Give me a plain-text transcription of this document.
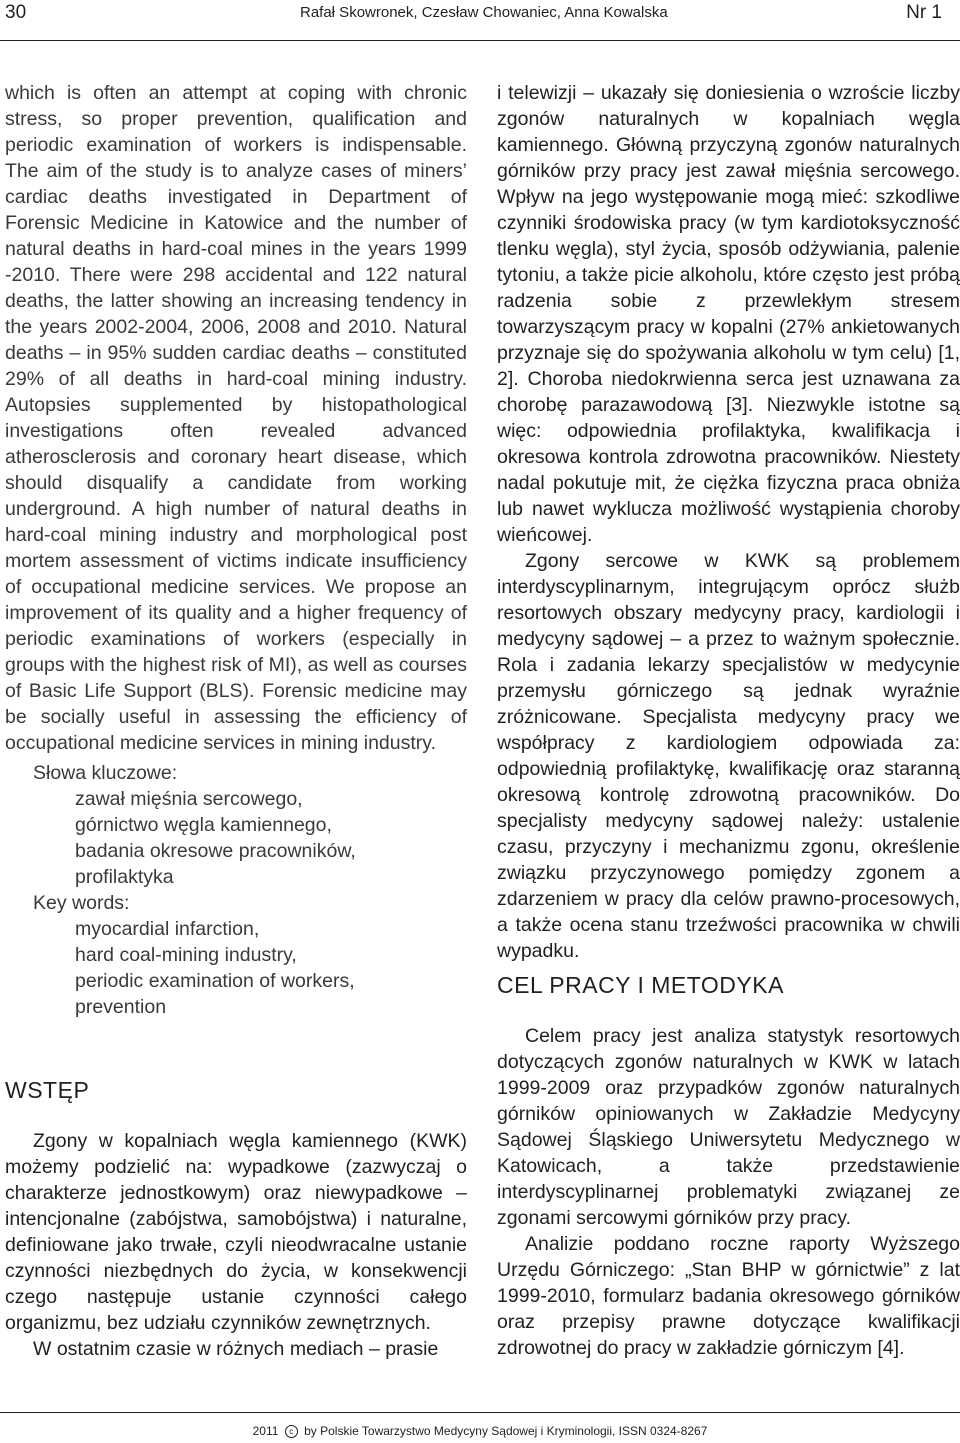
30	Rafał Skowronek, Czesław Chowaniec, Anna Kowalska	Nr 1

which is often an attempt at coping with chronic stress, so proper prevention, qualification and periodic examination of workers is indispensable. The aim of the study is to analyze cases of miners’ cardiac deaths investigated in Department of Forensic Medicine in Katowice and the number of natural deaths in hard-coal mines in the years 1999 -2010. There were 298 accidental and 122 natural deaths, the latter showing an increasing tendency in the years 2002-2004, 2006, 2008 and 2010. Natural deaths – in 95% sudden cardiac deaths – constituted 29% of all deaths in hard-coal mining industry. Autopsies supplemented by histopathological investigations often revealed advanced atherosclerosis and coronary heart disease, which should disqualify a candidate from working underground. A high number of natural deaths in hard-coal mining industry and morphological post mortem assessment of victims indicate insufficiency of occupational medicine services. We propose an improvement of its quality and a higher frequency of periodic examinations of workers (especially in groups with the highest risk of MI), as well as courses of Basic Life Support (BLS). Forensic medicine may be socially useful in assessing the efficiency of occupational medicine services in mining industry.

Słowa kluczowe:

zawał mięśnia sercowego,

górnictwo węgla kamiennego,

badania okresowe pracowników,

profilaktyka

Key words:

myocardial infarction,

hard coal-mining industry,

periodic examination of workers,

prevention

WSTĘP

Zgony w kopalniach węgla kamiennego (KWK) możemy podzielić na: wypadkowe (zazwyczaj o charakterze jednostkowym) oraz niewypadkowe – intencjonalne (zabójstwa, samobójstwa) i naturalne, definiowane jako trwałe, czyli nieodwracalne ustanie czynności niezbędnych do życia, w konsekwencji czego następuje ustanie czynności całego organizmu, bez udziału czynników zewnętrznych.

W ostatnim czasie w różnych mediach – prasie

i telewizji – ukazały się doniesienia o wzroście liczby zgonów naturalnych w kopalniach węgla kamiennego. Główną przyczyną zgonów naturalnych górników przy pracy jest zawał mięśnia sercowego. Wpływ na jego występowanie mogą mieć: szkodliwe czynniki środowiska pracy (w tym kardiotoksyczność tlenku węgla), styl życia, sposób odżywiania, palenie tytoniu, a także picie alkoholu, które często jest próbą radzenia sobie z przewlekłym stresem towarzyszącym pracy w kopalni (27% ankietowanych przyznaje się do spożywania alkoholu w tym celu) [1, 2]. Choroba niedokrwienna serca jest uznawana za chorobę parazawodową [3]. Niezwykle istotne są więc: odpowiednia profilaktyka, kwalifikacja i okresowa kontrola zdrowotna pracowników. Niestety nadal pokutuje mit, że ciężka fizyczna praca obniża lub nawet wyklucza możliwość wystąpienia choroby wieńcowej.

Zgony sercowe w KWK są problemem interdyscyplinarnym, integrującym oprócz służb resortowych obszary medycyny pracy, kardiologii i medycyny sądowej – a przez to ważnym społecznie. Rola i zadania lekarzy specjalistów w medycynie przemysłu górniczego są jednak wyraźnie zróżnicowane. Specjalista medycyny pracy we współpracy z kardiologiem odpowiada za: odpowiednią profilaktykę, kwalifikację oraz staranną okresową kontrolę zdrowotną pracowników. Do specjalisty medycyny sądowej należy: ustalenie czasu, przyczyny i mechanizmu zgonu, określenie związku przyczynowego pomiędzy zgonem a zdarzeniem w pracy dla celów prawno-procesowych, a także ocena stanu trzeźwości pracownika w chwili wypadku.

CEL PRACY I METODYKA

Celem pracy jest analiza statystyk resortowych dotyczących zgonów naturalnych w KWK w latach 1999-2009 oraz przypadków zgonów naturalnych górników opiniowanych w Zakładzie Medycyny Sądowej Śląskiego Uniwersytetu Medycznego w Katowicach, a także przedstawienie interdyscyplinarnej problematyki związanej ze zgonami sercowymi górników przy pracy.

Analizie poddano roczne raporty Wyższego Urzędu Górniczego: „Stan BHP w górnictwie” z lat 1999-2010, formularz badania okresowego górników oraz przepisy prawne dotyczące kwalifikacji zdrowotnej do pracy w zakładzie górniczym [4].

2011 c by Polskie Towarzystwo Medycyny Sądowej i Kryminologii, ISSN 0324-8267
